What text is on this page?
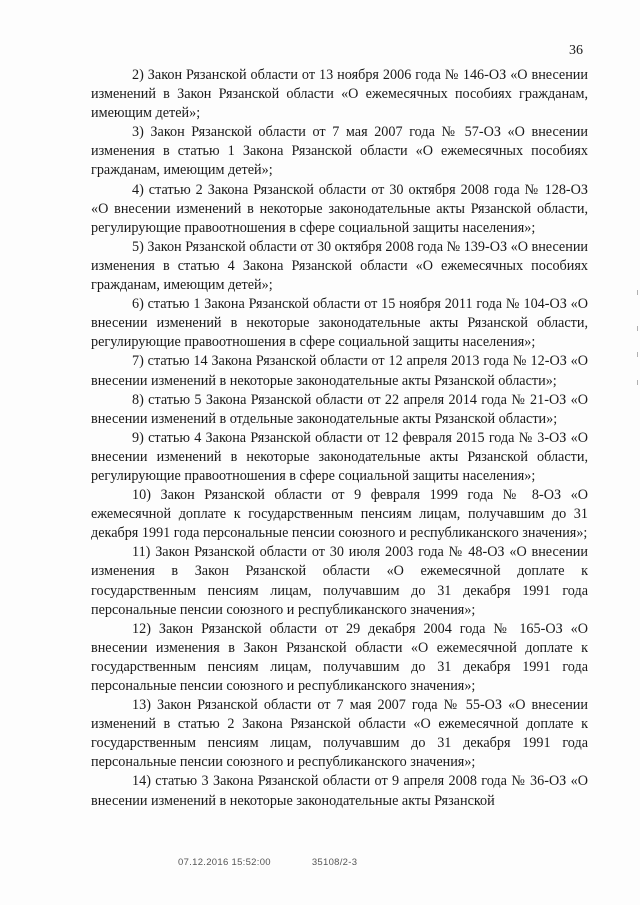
36

2) Закон Рязанской области от 13 ноября 2006 года № 146-ОЗ «О внесении изменений в Закон Рязанской области «О ежемесячных пособиях гражданам, имеющим детей»;

3) Закон Рязанской области от 7 мая 2007 года № 57-ОЗ «О внесении изменения в статью 1 Закона Рязанской области «О ежемесячных пособиях гражданам, имеющим детей»;

4) статью 2 Закона Рязанской области от 30 октября 2008 года № 128-ОЗ «О внесении изменений в некоторые законодательные акты Рязанской области, регулирующие правоотношения в сфере социальной защиты населения»;

5) Закон Рязанской области от 30 октября 2008 года № 139-ОЗ «О внесении изменения в статью 4 Закона Рязанской области «О ежемесячных пособиях гражданам, имеющим детей»;

6) статью 1 Закона Рязанской области от 15 ноября 2011 года № 104-ОЗ «О внесении изменений в некоторые законодательные акты Рязанской области, регулирующие правоотношения в сфере социальной защиты населения»;

7) статью 14 Закона Рязанской области от 12 апреля 2013 года № 12-ОЗ «О внесении изменений в некоторые законодательные акты Рязанской области»;

8) статью 5 Закона Рязанской области от 22 апреля 2014 года № 21-ОЗ «О внесении изменений в отдельные законодательные акты Рязанской области»;

9) статью 4 Закона Рязанской области от 12 февраля 2015 года № 3-ОЗ «О внесении изменений в некоторые законодательные акты Рязанской области, регулирующие правоотношения в сфере социальной защиты населения»;

10) Закон Рязанской области от 9 февраля 1999 года № 8-ОЗ «О ежемесячной доплате к государственным пенсиям лицам, получавшим до 31 декабря 1991 года персональные пенсии союзного и республиканского значения»;

11) Закон Рязанской области от 30 июля 2003 года № 48-ОЗ «О внесении изменения в Закон Рязанской области «О ежемесячной доплате к государственным пенсиям лицам, получавшим до 31 декабря 1991 года персональные пенсии союзного и республиканского значения»;

12) Закон Рязанской области от 29 декабря 2004 года № 165-ОЗ «О внесении изменения в Закон Рязанской области «О ежемесячной доплате к государственным пенсиям лицам, получавшим до 31 декабря 1991 года персональные пенсии союзного и республиканского значения»;

13) Закон Рязанской области от 7 мая 2007 года № 55-ОЗ «О внесении изменений в статью 2 Закона Рязанской области «О ежемесячной доплате к государственным пенсиям лицам, получавшим до 31 декабря 1991 года персональные пенсии союзного и республиканского значения»;

14) статью 3 Закона Рязанской области от 9 апреля 2008 года № 36-ОЗ «О внесении изменений в некоторые законодательные акты Рязанской

07.12.2016 15:52:00	35108/2-3
